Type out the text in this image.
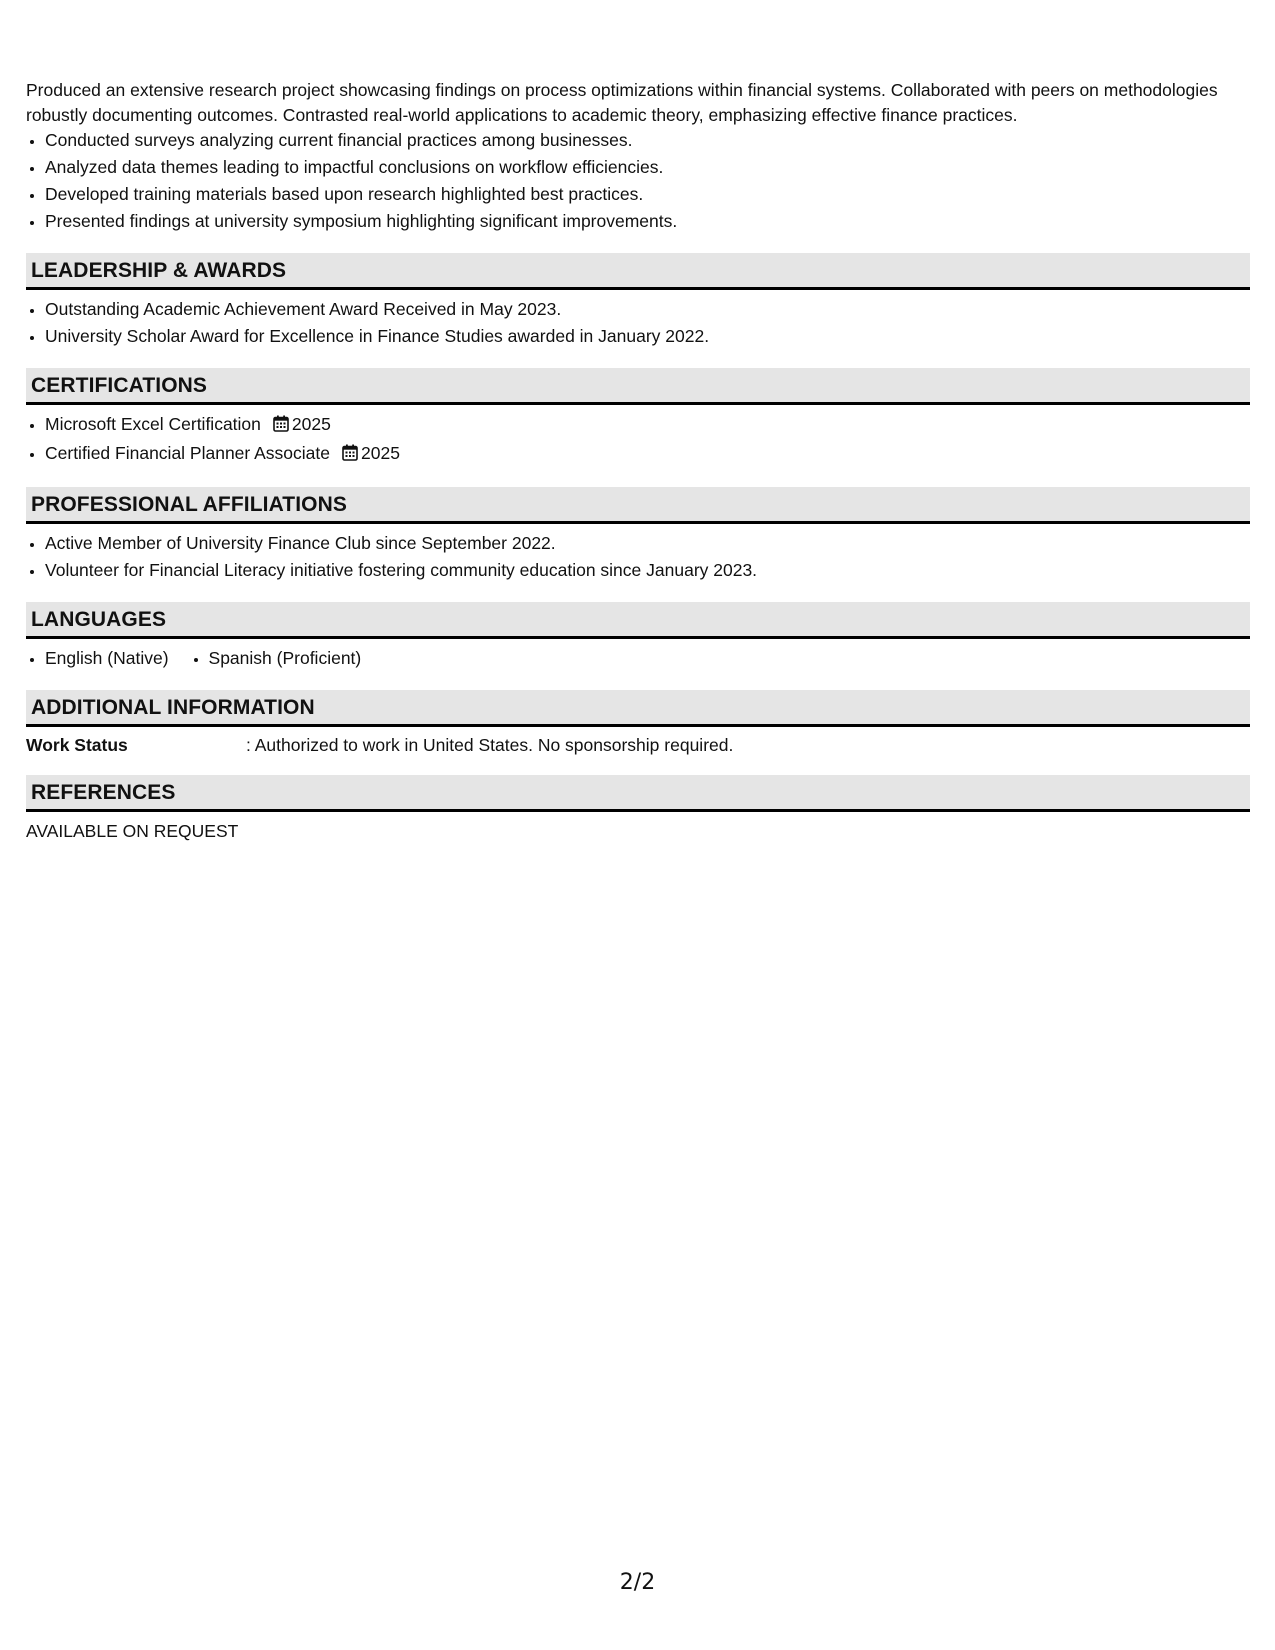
Produced an extensive research project showcasing findings on process optimizations within financial systems. Collaborated with peers on methodologies robustly documenting outcomes. Contrasted real-world applications to academic theory, emphasizing effective finance practices.

• Conducted surveys analyzing current financial practices among businesses.
• Analyzed data themes leading to impactful conclusions on workflow efficiencies.
• Developed training materials based upon research highlighted best practices.
• Presented findings at university symposium highlighting significant improvements.
LEADERSHIP & AWARDS
• Outstanding Academic Achievement Award Received in May 2023.
• University Scholar Award for Excellence in Finance Studies awarded in January 2022.
CERTIFICATIONS
• Microsoft Excel Certification 2025
• Certified Financial Planner Associate 2025
PROFESSIONAL AFFILIATIONS
• Active Member of University Finance Club since September 2022.
• Volunteer for Financial Literacy initiative fostering community education since January 2023.
LANGUAGES
• English (Native)
• Spanish (Proficient)
ADDITIONAL INFORMATION
Work Status	: Authorized to work in United States. No sponsorship required.
REFERENCES
AVAILABLE ON REQUEST
2/2
